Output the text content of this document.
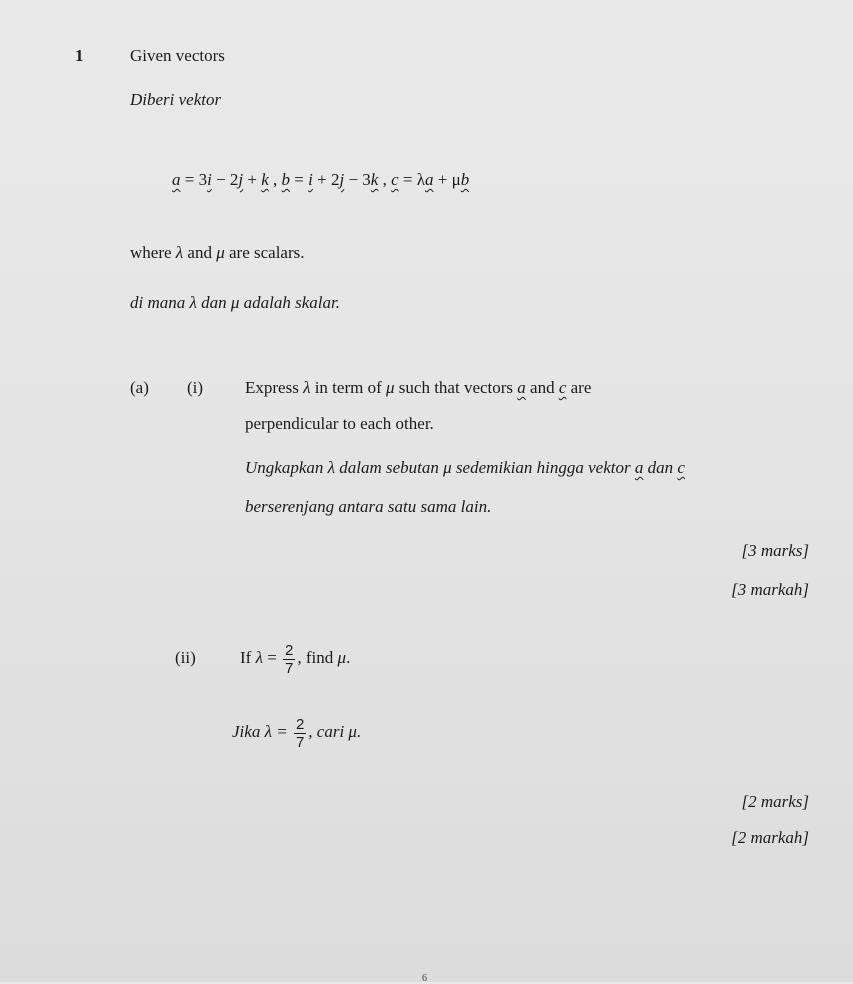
1	Given vectors
Diberi vektor
a = 3i − 2j + k , b = i + 2j − 3k , c = λa + μb
where λ and μ are scalars.
di mana λ dan μ adalah skalar.
(a) (i) Express λ in term of μ such that vectors a and c are
perpendicular to each other.
Ungkapkan λ dalam sebutan μ sedemikian hingga vektor a dan c
berserenjang antara satu sama lain.
[3 marks]
[3 markah]
(ii)	If $\lambda = \frac{2}{7}$ , find μ.
Jika $\lambda = \frac{2}{7}$ , cari μ.
[2 marks]
[2 markah]
6
